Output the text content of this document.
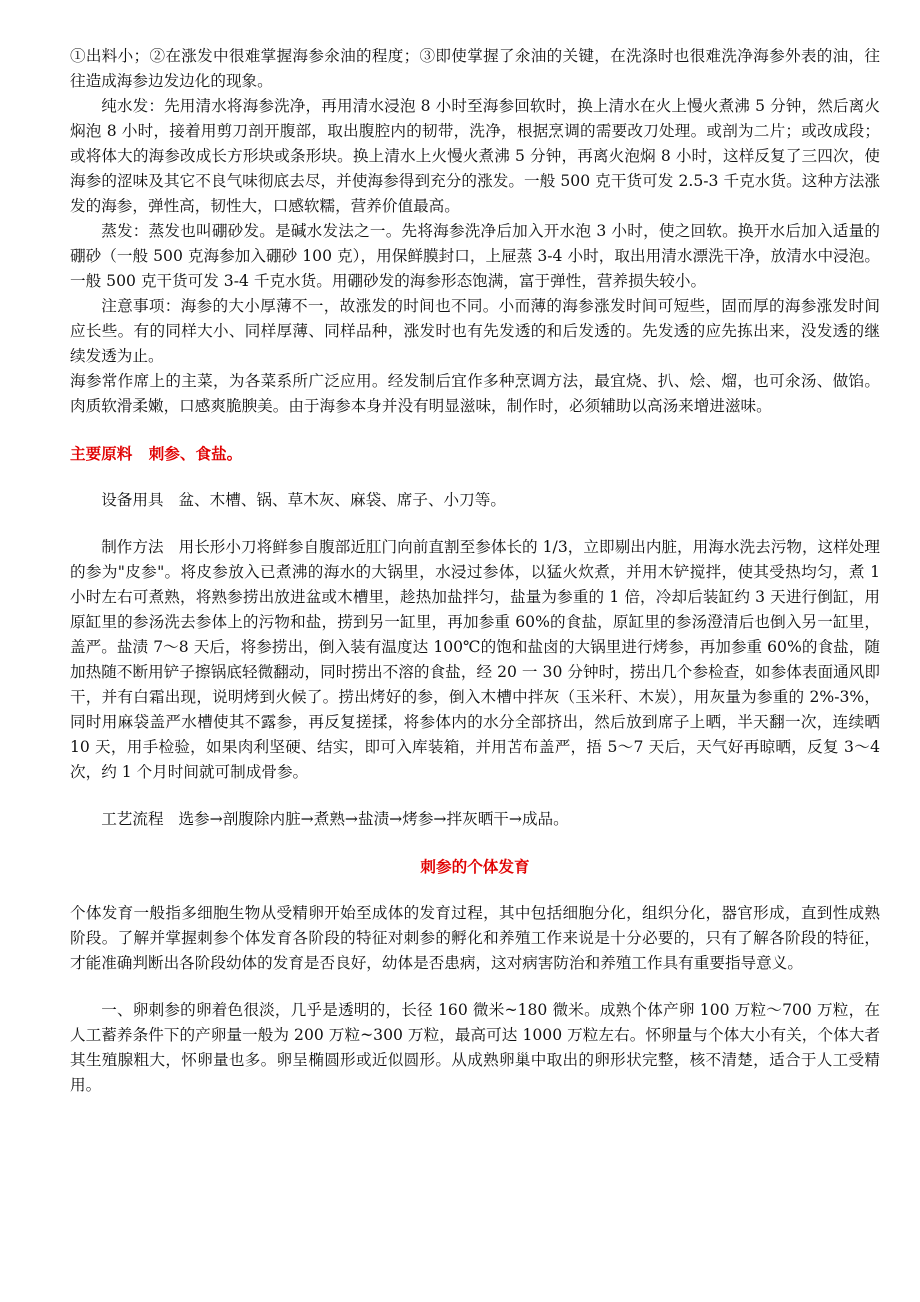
①出料小；②在涨发中很难掌握海参氽油的程度；③即使掌握了氽油的关键，在洗涤时也很难洗净海参外表的油，往往造成海参边发边化的现象。

纯水发：先用清水将海参洗净，再用清水浸泡 8 小时至海参回软时，换上清水在火上慢火煮沸 5 分钟，然后离火焖泡 8 小时，接着用剪刀剖开腹部，取出腹腔内的韧带，洗净，根据烹调的需要改刀处理。或剖为二片；或改成段；或将体大的海参改成长方形块或条形块。换上清水上火慢火煮沸 5 分钟，再离火泡焖 8 小时，这样反复了三四次，使海参的涩味及其它不良气味彻底去尽，并使海参得到充分的涨发。一般 500 克干货可发 2.5-3 千克水货。这种方法涨发的海参，弹性高，韧性大，口感软糯，营养价值最高。

蒸发：蒸发也叫硼砂发。是碱水发法之一。先将海参洗净后加入开水泡 3 小时，使之回软。换开水后加入适量的硼砂（一般 500 克海参加入硼砂 100 克），用保鲜膜封口，上屉蒸 3-4 小时，取出用清水漂洗干净，放清水中浸泡。一般 500 克干货可发 3-4 千克水货。用硼砂发的海参形态饱满，富于弹性，营养损失较小。

注意事项：海参的大小厚薄不一，故涨发的时间也不同。小而薄的海参涨发时间可短些，固而厚的海参涨发时间应长些。有的同样大小、同样厚薄、同样品种，涨发时也有先发透的和后发透的。先发透的应先拣出来，没发透的继续发透为止。

海参常作席上的主菜，为各菜系所广泛应用。经发制后宜作多种烹调方法，最宜烧、扒、烩、熘，也可氽汤、做馅。肉质软滑柔嫩，口感爽脆腴美。由于海参本身并没有明显滋味，制作时，必须辅助以高汤来增进滋味。

主要原料 刺参、食盐。

设备用具 盆、木槽、锅、草木灰、麻袋、席子、小刀等。

制作方法 用长形小刀将鲜参自腹部近肛门向前直割至参体长的 1/3，立即剔出内脏，用海水洗去污物，这样处理的参为"皮参"。将皮参放入已煮沸的海水的大锅里，水浸过参体，以猛火炊煮，并用木铲搅拌，使其受热均匀，煮 1 小时左右可煮熟，将熟参捞出放进盆或木槽里，趁热加盐拌匀，盐量为参重的 1 倍，冷却后装缸约 3 天进行倒缸，用原缸里的参汤洗去参体上的污物和盐，捞到另一缸里，再加参重 60%的食盐，原缸里的参汤澄清后也倒入另一缸里，盖严。盐渍 7～8 天后，将参捞出，倒入装有温度达 100℃的饱和盐卤的大锅里进行烤参，再加参重 60%的食盐，随加热随不断用铲子擦锅底轻微翻动，同时捞出不溶的食盐，经 20 一 30 分钟时，捞出几个参检查，如参体表面通风即干，并有白霜出现，说明烤到火候了。捞出烤好的参，倒入木槽中拌灰（玉米秆、木炭），用灰量为参重的 2%-3%，同时用麻袋盖严水槽使其不露参，再反复搓揉，将参体内的水分全部挤出，然后放到席子上晒，半天翻一次，连续晒 10 天，用手检验，如果肉利坚硬、结实，即可入库装箱，并用苫布盖严，捂 5～7 天后，天气好再晾晒，反复 3～4 次，约 1 个月时间就可制成骨参。

工艺流程 选参→剖腹除内脏→煮熟→盐渍→烤参→拌灰晒干→成品。

刺参的个体发育

个体发育一般指多细胞生物从受精卵开始至成体的发育过程，其中包括细胞分化，组织分化，器官形成，直到性成熟阶段。了解并掌握刺参个体发育各阶段的特征对刺参的孵化和养殖工作来说是十分必要的，只有了解各阶段的特征，才能准确判断出各阶段幼体的发育是否良好，幼体是否患病，这对病害防治和养殖工作具有重要指导意义。

一、卵刺参的卵着色很淡，几乎是透明的，长径 160 微米~180 微米。成熟个体产卵 100 万粒～700 万粒，在人工蓄养条件下的产卵量一般为 200 万粒~300 万粒，最高可达 1000 万粒左右。怀卵量与个体大小有关，个体大者其生殖腺粗大，怀卵量也多。卵呈椭圆形或近似圆形。从成熟卵巢中取出的卵形状完整，核不清楚，适合于人工受精用。
